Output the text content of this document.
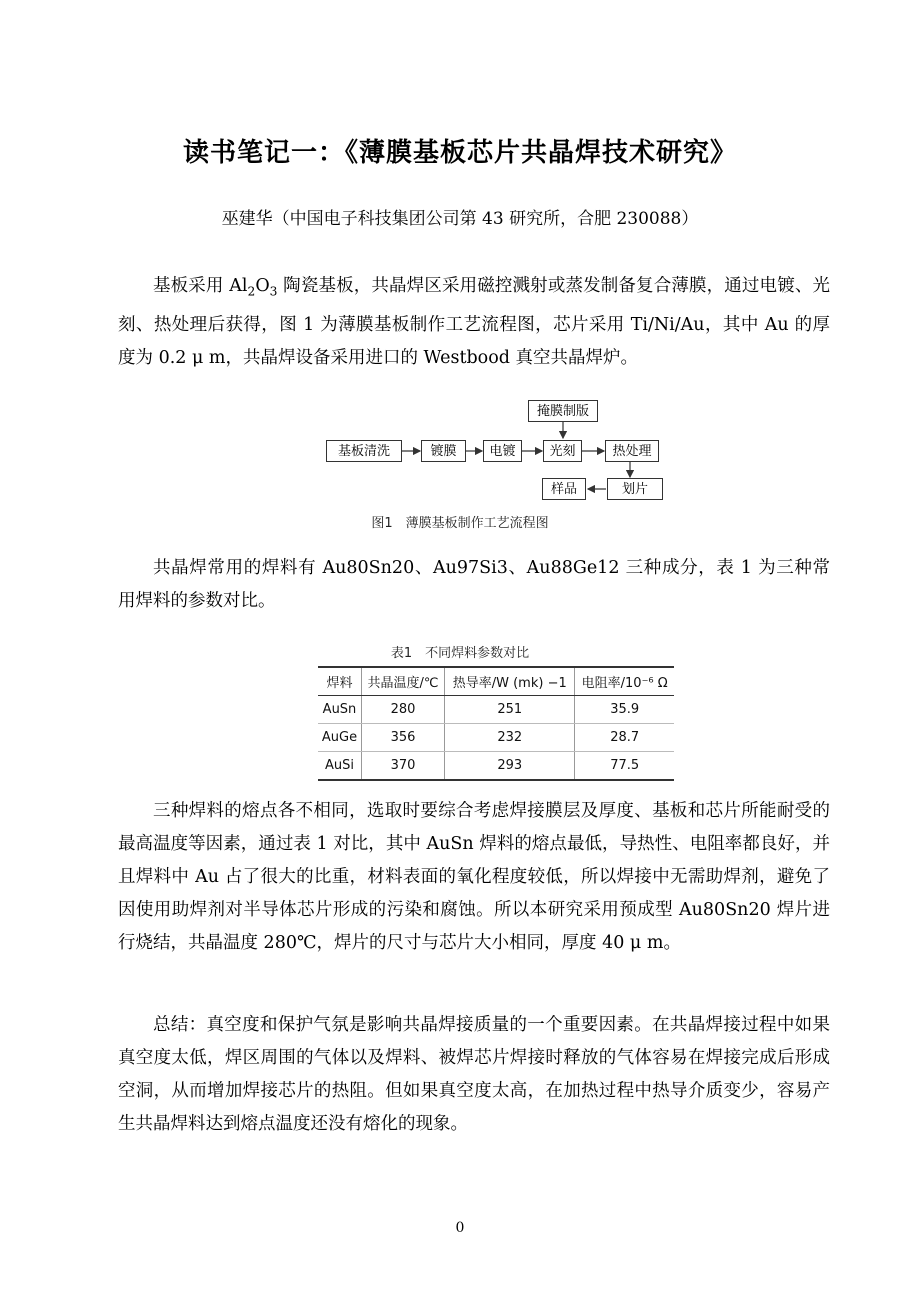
读书笔记一：《薄膜基板芯片共晶焊技术研究》
巫建华（中国电子科技集团公司第 43 研究所，合肥 230088）

基板采用 $Al_2O_3$ 陶瓷基板，共晶焊区采用磁控溅射或蒸发制备复合薄膜，通过电镀、光刻、热处理后获得，图 1 为薄膜基板制作工艺流程图，芯片采用 Ti/Ni/Au，其中 Au 的厚度为 0.2 μ m，共晶焊设备采用进口的 Westbood 真空共晶焊炉。

掩膜制版
基板清洗	镀膜	电镀	光刻	热处理
样品	划片
图1　薄膜基板制作工艺流程图

共晶焊常用的焊料有 Au80Sn20、Au97Si3、Au88Ge12 三种成分，表 1 为三种常用焊料的参数对比。

表1　不同焊料参数对比
焊料	共晶温度/℃	热导率/W (mk) −1	电阻率/10⁻⁶ Ω
AuSn	280	251	35.9
AuGe	356	232	28.7
AuSi	370	293	77.5

三种焊料的熔点各不相同，选取时要综合考虑焊接膜层及厚度、基板和芯片所能耐受的最高温度等因素，通过表 1 对比，其中 AuSn 焊料的熔点最低，导热性、电阻率都良好，并且焊料中 Au 占了很大的比重，材料表面的氧化程度较低，所以焊接中无需助焊剂，避免了因使用助焊剂对半导体芯片形成的污染和腐蚀。所以本研究采用预成型 Au80Sn20 焊片进行烧结，共晶温度 280℃，焊片的尺寸与芯片大小相同，厚度 40 μ m。

总结：真空度和保护气氛是影响共晶焊接质量的一个重要因素。在共晶焊接过程中如果真空度太低，焊区周围的气体以及焊料、被焊芯片焊接时释放的气体容易在焊接完成后形成空洞，从而增加焊接芯片的热阻。但如果真空度太高，在加热过程中热导介质变少，容易产生共晶焊料达到熔点温度还没有熔化的现象。

0
